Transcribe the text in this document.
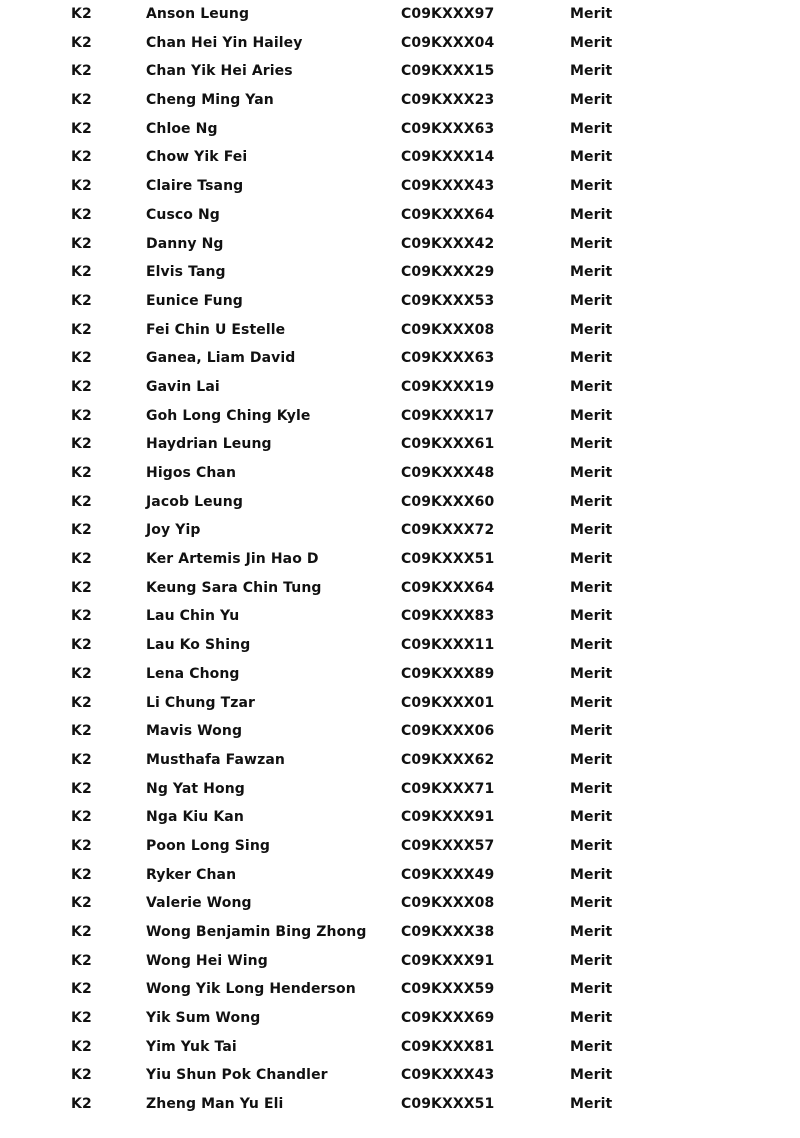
K2	Anson Leung	C09KXXX97	Merit
K2	Chan Hei Yin Hailey	C09KXXX04	Merit
K2	Chan Yik Hei Aries	C09KXXX15	Merit
K2	Cheng Ming Yan	C09KXXX23	Merit
K2	Chloe Ng	C09KXXX63	Merit
K2	Chow Yik Fei	C09KXXX14	Merit
K2	Claire Tsang	C09KXXX43	Merit
K2	Cusco Ng	C09KXXX64	Merit
K2	Danny Ng	C09KXXX42	Merit
K2	Elvis Tang	C09KXXX29	Merit
K2	Eunice Fung	C09KXXX53	Merit
K2	Fei Chin U Estelle	C09KXXX08	Merit
K2	Ganea, Liam David	C09KXXX63	Merit
K2	Gavin Lai	C09KXXX19	Merit
K2	Goh Long Ching Kyle	C09KXXX17	Merit
K2	Haydrian Leung	C09KXXX61	Merit
K2	Higos Chan	C09KXXX48	Merit
K2	Jacob Leung	C09KXXX60	Merit
K2	Joy Yip	C09KXXX72	Merit
K2	Ker Artemis Jin Hao D	C09KXXX51	Merit
K2	Keung Sara Chin Tung	C09KXXX64	Merit
K2	Lau Chin Yu	C09KXXX83	Merit
K2	Lau Ko Shing	C09KXXX11	Merit
K2	Lena Chong	C09KXXX89	Merit
K2	Li Chung Tzar	C09KXXX01	Merit
K2	Mavis Wong	C09KXXX06	Merit
K2	Musthafa Fawzan	C09KXXX62	Merit
K2	Ng Yat Hong	C09KXXX71	Merit
K2	Nga Kiu Kan	C09KXXX91	Merit
K2	Poon Long Sing	C09KXXX57	Merit
K2	Ryker Chan	C09KXXX49	Merit
K2	Valerie Wong	C09KXXX08	Merit
K2	Wong Benjamin Bing Zhong C09KXXX38	Merit
K2	Wong Hei Wing	C09KXXX91	Merit
K2	Wong Yik Long Henderson	C09KXXX59	Merit
K2	Yik Sum Wong	C09KXXX69	Merit
K2	Yim Yuk Tai	C09KXXX81	Merit
K2	Yiu Shun Pok Chandler	C09KXXX43	Merit
K2	Zheng Man Yu Eli	C09KXXX51	Merit
